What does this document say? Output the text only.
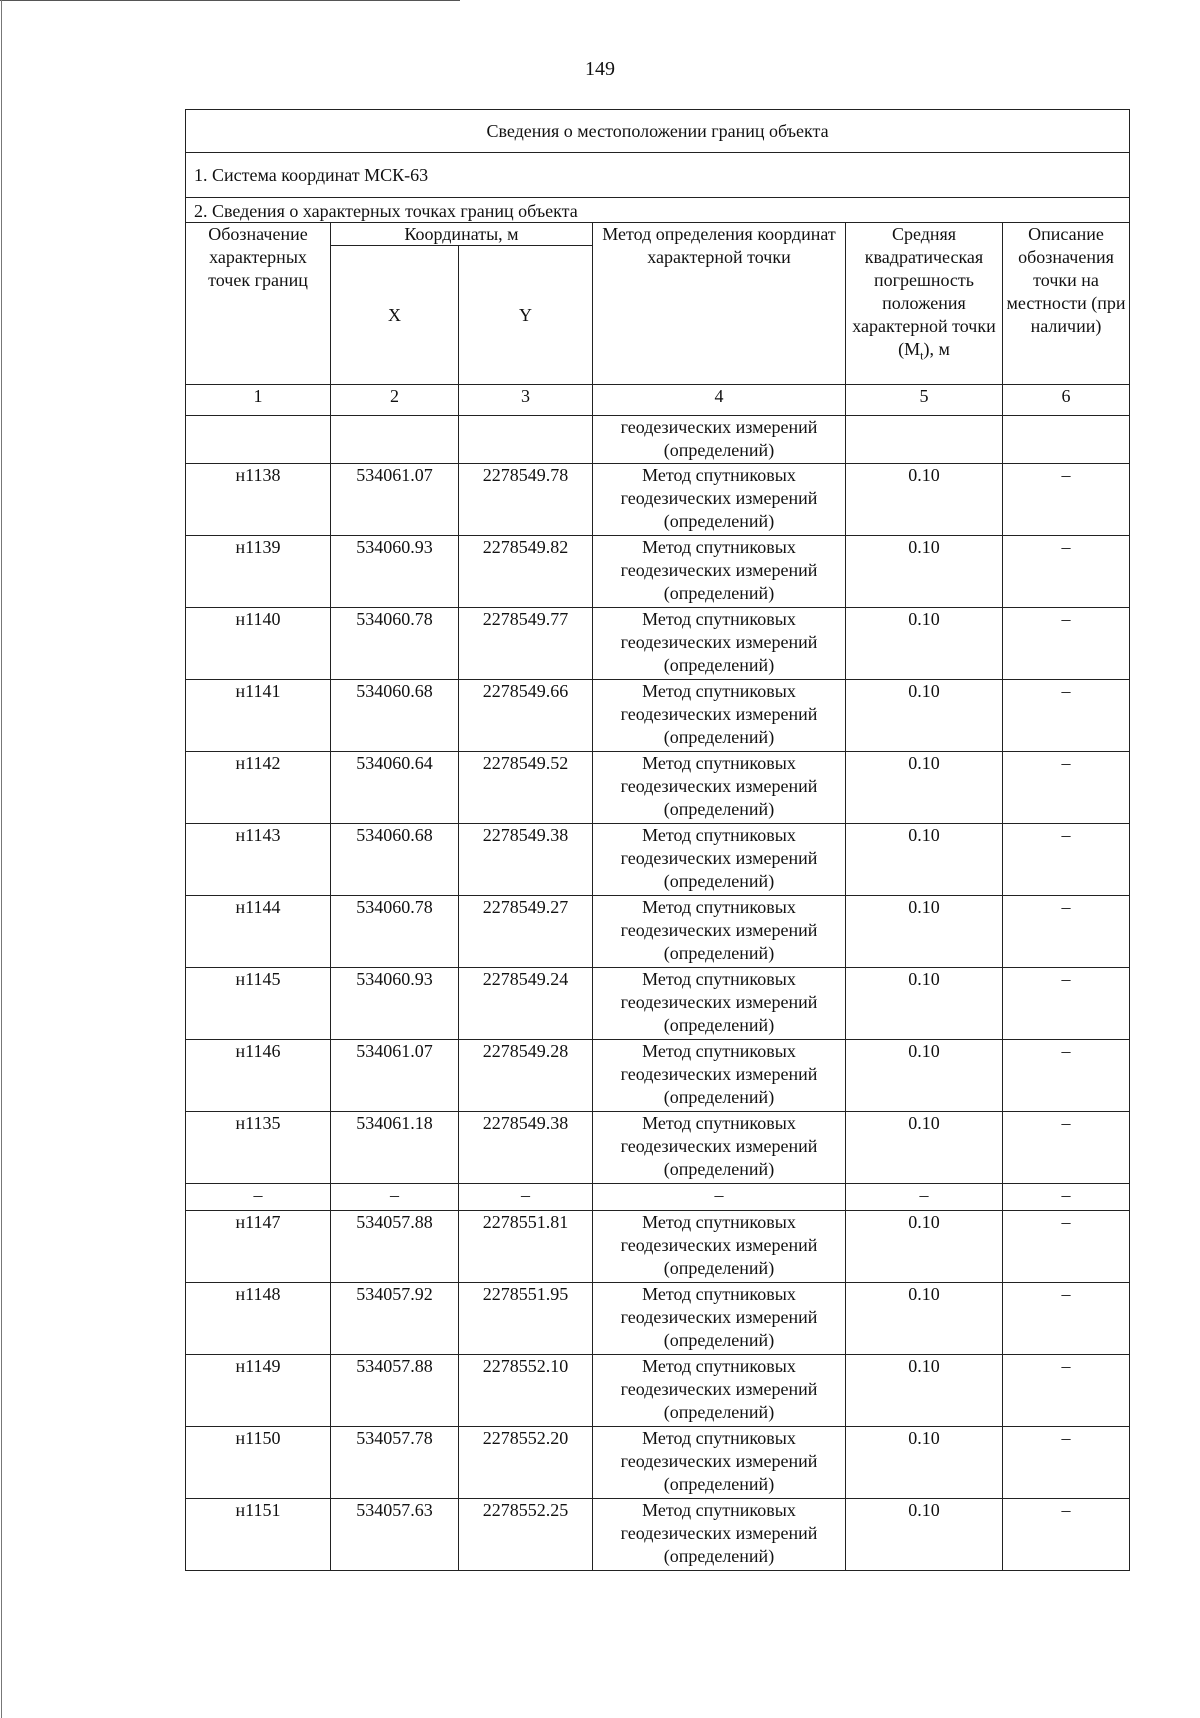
149
Сведения о местоположении границ объекта					
1. Система координат МСК-63					
2. Сведения о характерных точках границ объекта					
Обозначение характерных точек границ	Координаты, м		Метод определения координат характерной точки	Средняя квадратическая погрешность положения характерной точки $(M_t)$, м	Описание обозначения точки на местности (при наличии)
	X	Y			
1	2	3	4	5	6
			геодезических измерений (определений)		
н1138	534061.07	2278549.78	Метод спутниковых геодезических измерений (определений)	0.10	–
н1139	534060.93	2278549.82	Метод спутниковых геодезических измерений (определений)	0.10	–
н1140	534060.78	2278549.77	Метод спутниковых геодезических измерений (определений)	0.10	–
н1141	534060.68	2278549.66	Метод спутниковых геодезических измерений (определений)	0.10	–
н1142	534060.64	2278549.52	Метод спутниковых геодезических измерений (определений)	0.10	–
н1143	534060.68	2278549.38	Метод спутниковых геодезических измерений (определений)	0.10	–
н1144	534060.78	2278549.27	Метод спутниковых геодезических измерений (определений)	0.10	–
н1145	534060.93	2278549.24	Метод спутниковых геодезических измерений (определений)	0.10	–
н1146	534061.07	2278549.28	Метод спутниковых геодезических измерений (определений)	0.10	–
н1135	534061.18	2278549.38	Метод спутниковых геодезических измерений (определений)	0.10	–
–	–	–	–	–	–
н1147	534057.88	2278551.81	Метод спутниковых геодезических измерений (определений)	0.10	–
н1148	534057.92	2278551.95	Метод спутниковых геодезических измерений (определений)	0.10	–
н1149	534057.88	2278552.10	Метод спутниковых геодезических измерений (определений)	0.10	–
н1150	534057.78	2278552.20	Метод спутниковых геодезических измерений (определений)	0.10	–
н1151	534057.63	2278552.25	Метод спутниковых геодезических измерений (определений)	0.10	–
